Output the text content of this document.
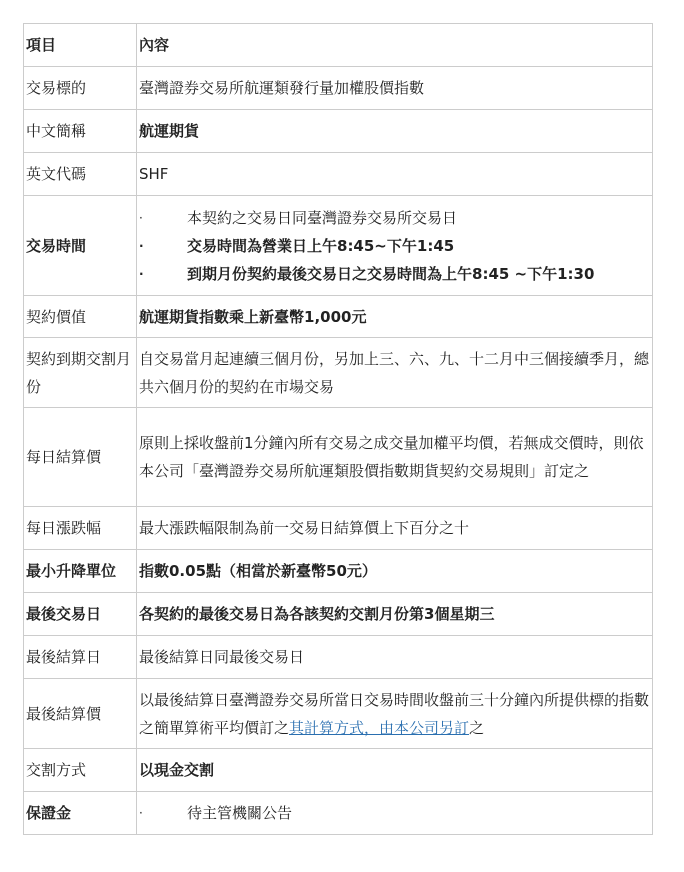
項目	內容
交易標的	臺灣證券交易所航運類發行量加權股價指數
中文簡稱	航運期貨
英文代碼	SHF
交易時間	
·	本契約之交易日同臺灣證券交易所交易日
·	交易時間為營業日上午8:45~下午1:45
·	到期月份契約最後交易日之交易時間為上午8:45 ~下午1:30

契約價值	航運期貨指數乘上新臺幣1,000元
契約到期交割月份	自交易當月起連續三個月份，另加上三、六、九、十二月中三個接續季月，總共六個月份的契約在市場交易
每日結算價	原則上採收盤前1分鐘內所有交易之成交量加權平均價，若無成交價時，則依本公司「臺灣證券交易所航運類股價指數期貨契約交易規則」訂定之
每日漲跌幅	最大漲跌幅限制為前一交易日結算價上下百分之十
最小升降單位	指數0.05點（相當於新臺幣50元）
最後交易日	各契約的最後交易日為各該契約交割月份第3個星期三
最後結算日	最後結算日同最後交易日
最後結算價	以最後結算日臺灣證券交易所當日交易時間收盤前三十分鐘內所提供標的指數之簡單算術平均價訂之其計算方式，由本公司另訂之
交割方式	以現金交割
保證金	· 待主管機關公告
